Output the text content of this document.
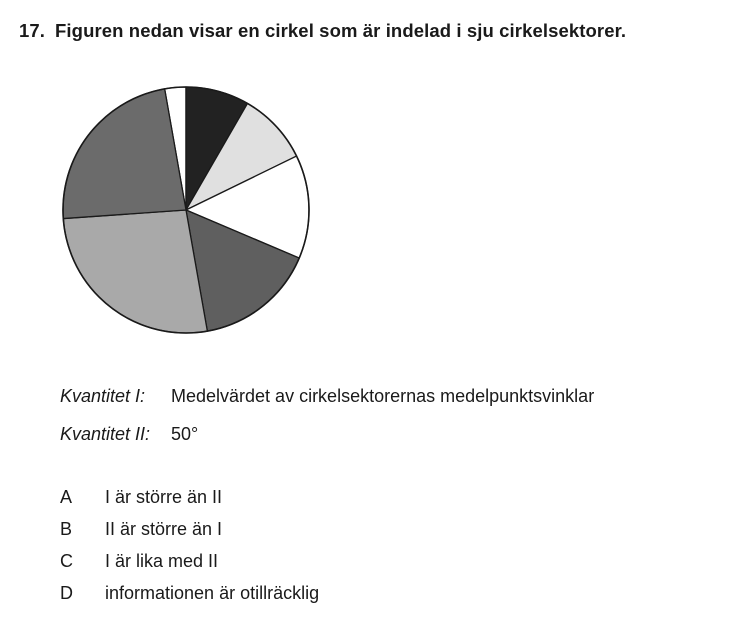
17. Figuren nedan visar en cirkel som är indelad i sju cirkelsektorer.
Kvantitet I: Medelvärdet av cirkelsektorernas medelpunktsvinklar
Kvantitet II: 50°
A I är större än II
B II är större än I
C I är lika med II
D informationen är otillräcklig
